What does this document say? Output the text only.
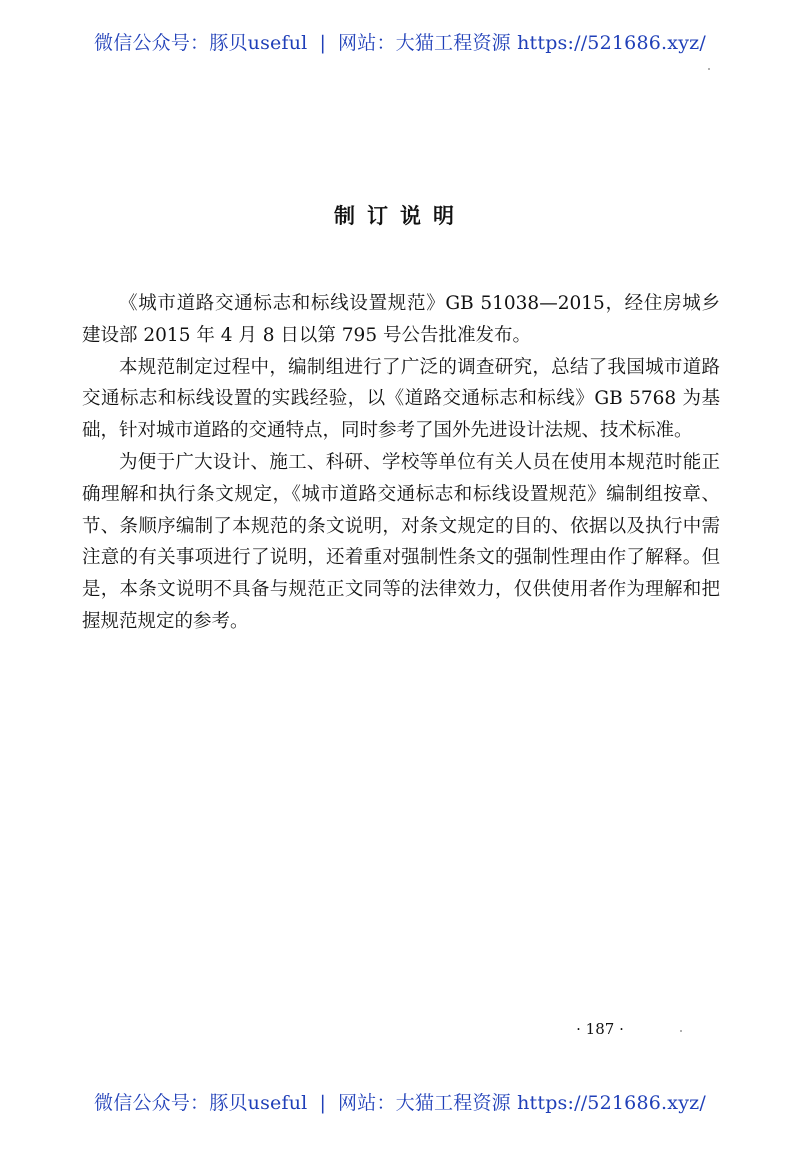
微信公众号：豚贝useful | 网站：大猫工程资源 https://521686.xyz/
制订说明

《城市道路交通标志和标线设置规范》GB 51038—2015，经住房城乡建设部 2015 年 4 月 8 日以第 795 号公告批准发布。

本规范制定过程中，编制组进行了广泛的调查研究，总结了我国城市道路交通标志和标线设置的实践经验，以《道路交通标志和标线》GB 5768 为基础，针对城市道路的交通特点，同时参考了国外先进设计法规、技术标准。

为便于广大设计、施工、科研、学校等单位有关人员在使用本规范时能正确理解和执行条文规定，《城市道路交通标志和标线设置规范》编制组按章、节、条顺序编制了本规范的条文说明，对条文规定的目的、依据以及执行中需注意的有关事项进行了说明，还着重对强制性条文的强制性理由作了解释。但是，本条文说明不具备与规范正文同等的法律效力，仅供使用者作为理解和把握规范规定的参考。

· 187 ·
微信公众号：豚贝useful | 网站：大猫工程资源 https://521686.xyz/
